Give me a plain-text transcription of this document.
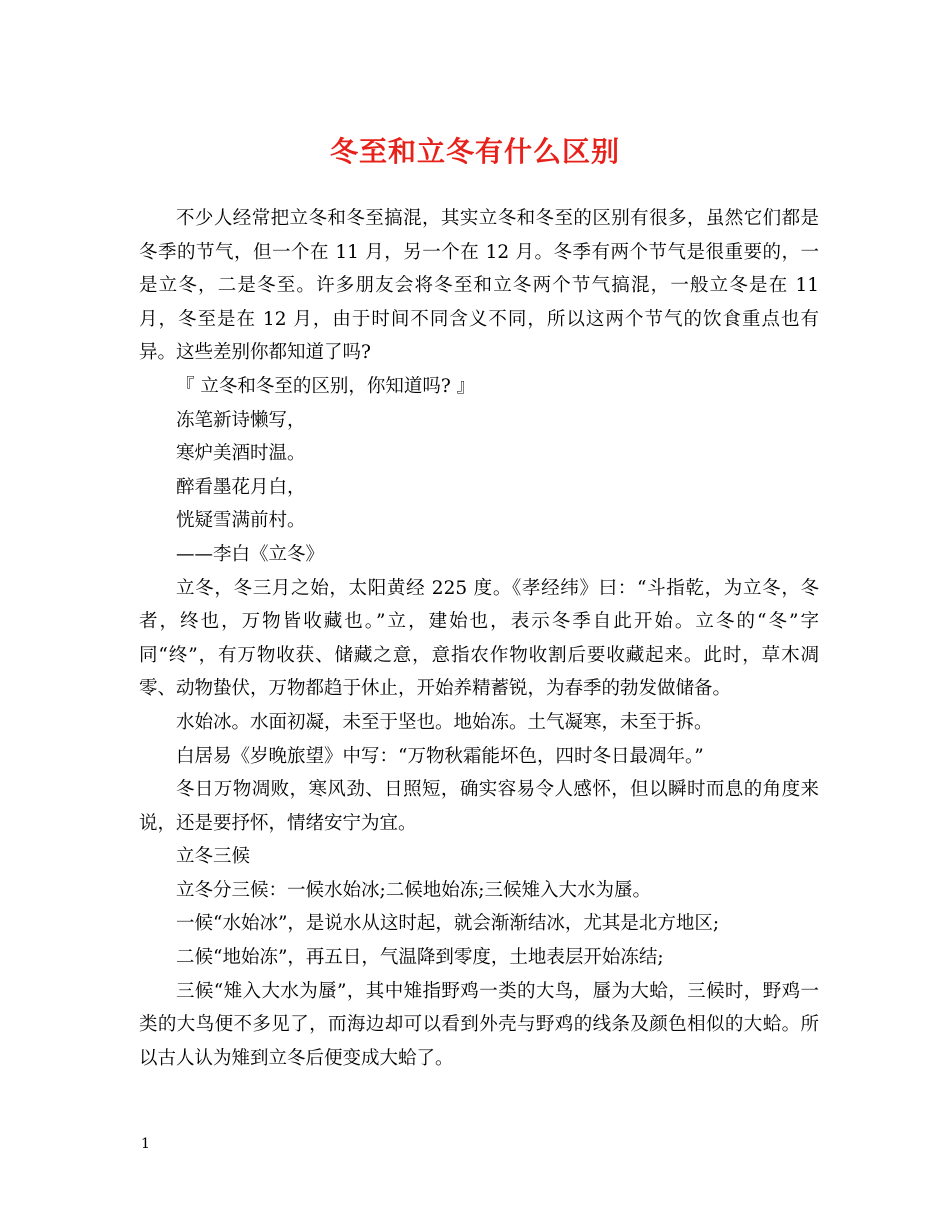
冬至和立冬有什么区别

不少人经常把立冬和冬至搞混，其实立冬和冬至的区别有很多，虽然它们都是冬季的节气，但一个在 11 月，另一个在 12 月。冬季有两个节气是很重要的，一是立冬，二是冬至。许多朋友会将冬至和立冬两个节气搞混，一般立冬是在 11 月，冬至是在 12 月，由于时间不同含义不同，所以这两个节气的饮食重点也有异。这些差别你都知道了吗?

『 立冬和冬至的区别，你知道吗? 』

冻笔新诗懒写，

寒炉美酒时温。

醉看墨花月白，

恍疑雪满前村。

——李白《立冬》

立冬，冬三月之始，太阳黄经 225 度。《孝经纬》曰：“斗指乾，为立冬，冬者，终也，万物皆收藏也。”立，建始也，表示冬季自此开始。立冬的“冬”字同“终”，有万物收获、储藏之意，意指农作物收割后要收藏起来。此时，草木凋零、动物蛰伏，万物都趋于休止，开始养精蓄锐，为春季的勃发做储备。

水始冰。水面初凝，未至于坚也。地始冻。土气凝寒，未至于拆。

白居易《岁晚旅望》中写：“万物秋霜能坏色，四时冬日最凋年。”

冬日万物凋败，寒风劲、日照短，确实容易令人感怀，但以瞬时而息的角度来说，还是要抒怀，情绪安宁为宜。

立冬三候

立冬分三候：一候水始冰;二候地始冻;三候雉入大水为蜃。

一候“水始冰”，是说水从这时起，就会渐渐结冰，尤其是北方地区;

二候“地始冻”，再五日，气温降到零度，土地表层开始冻结;

三候“雉入大水为蜃”，其中雉指野鸡一类的大鸟，蜃为大蛤，三候时，野鸡一类的大鸟便不多见了，而海边却可以看到外壳与野鸡的线条及颜色相似的大蛤。所以古人认为雉到立冬后便变成大蛤了。

1
